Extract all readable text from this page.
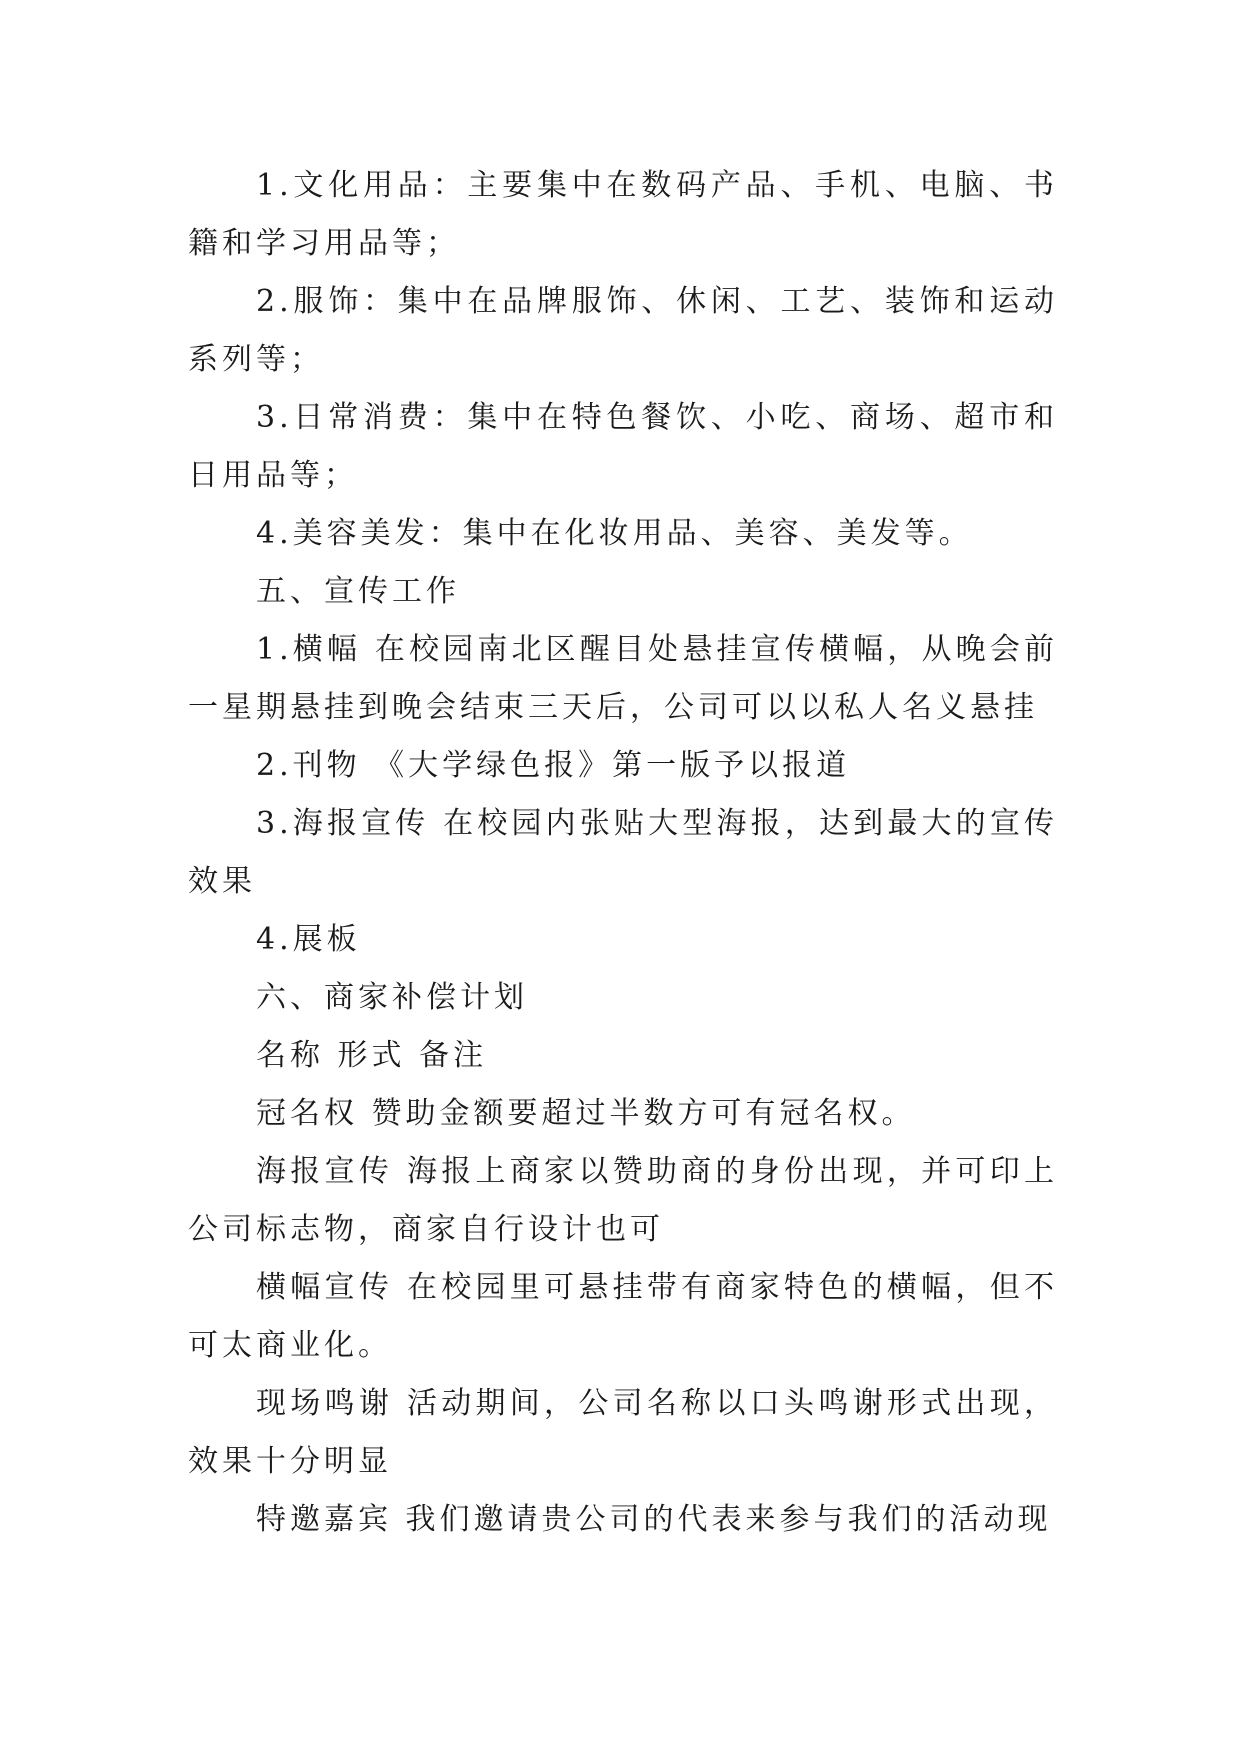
1.文化用品：主要集中在数码产品、手机、电脑、书籍和学习用品等；

2.服饰：集中在品牌服饰、休闲、工艺、装饰和运动系列等；

3.日常消费：集中在特色餐饮、小吃、商场、超市和日用品等；

4.美容美发：集中在化妆用品、美容、美发等。

五、宣传工作

1.横幅 在校园南北区醒目处悬挂宣传横幅，从晚会前一星期悬挂到晚会结束三天后，公司可以以私人名义悬挂

2.刊物 《大学绿色报》第一版予以报道

3.海报宣传 在校园内张贴大型海报，达到最大的宣传效果

4.展板

六、商家补偿计划

名称 形式 备注

冠名权 赞助金额要超过半数方可有冠名权。

海报宣传 海报上商家以赞助商的身份出现，并可印上公司标志物，商家自行设计也可

横幅宣传 在校园里可悬挂带有商家特色的横幅，但不可太商业化。

现场鸣谢 活动期间，公司名称以口头鸣谢形式出现，效果十分明显

特邀嘉宾 我们邀请贵公司的代表来参与我们的活动现
